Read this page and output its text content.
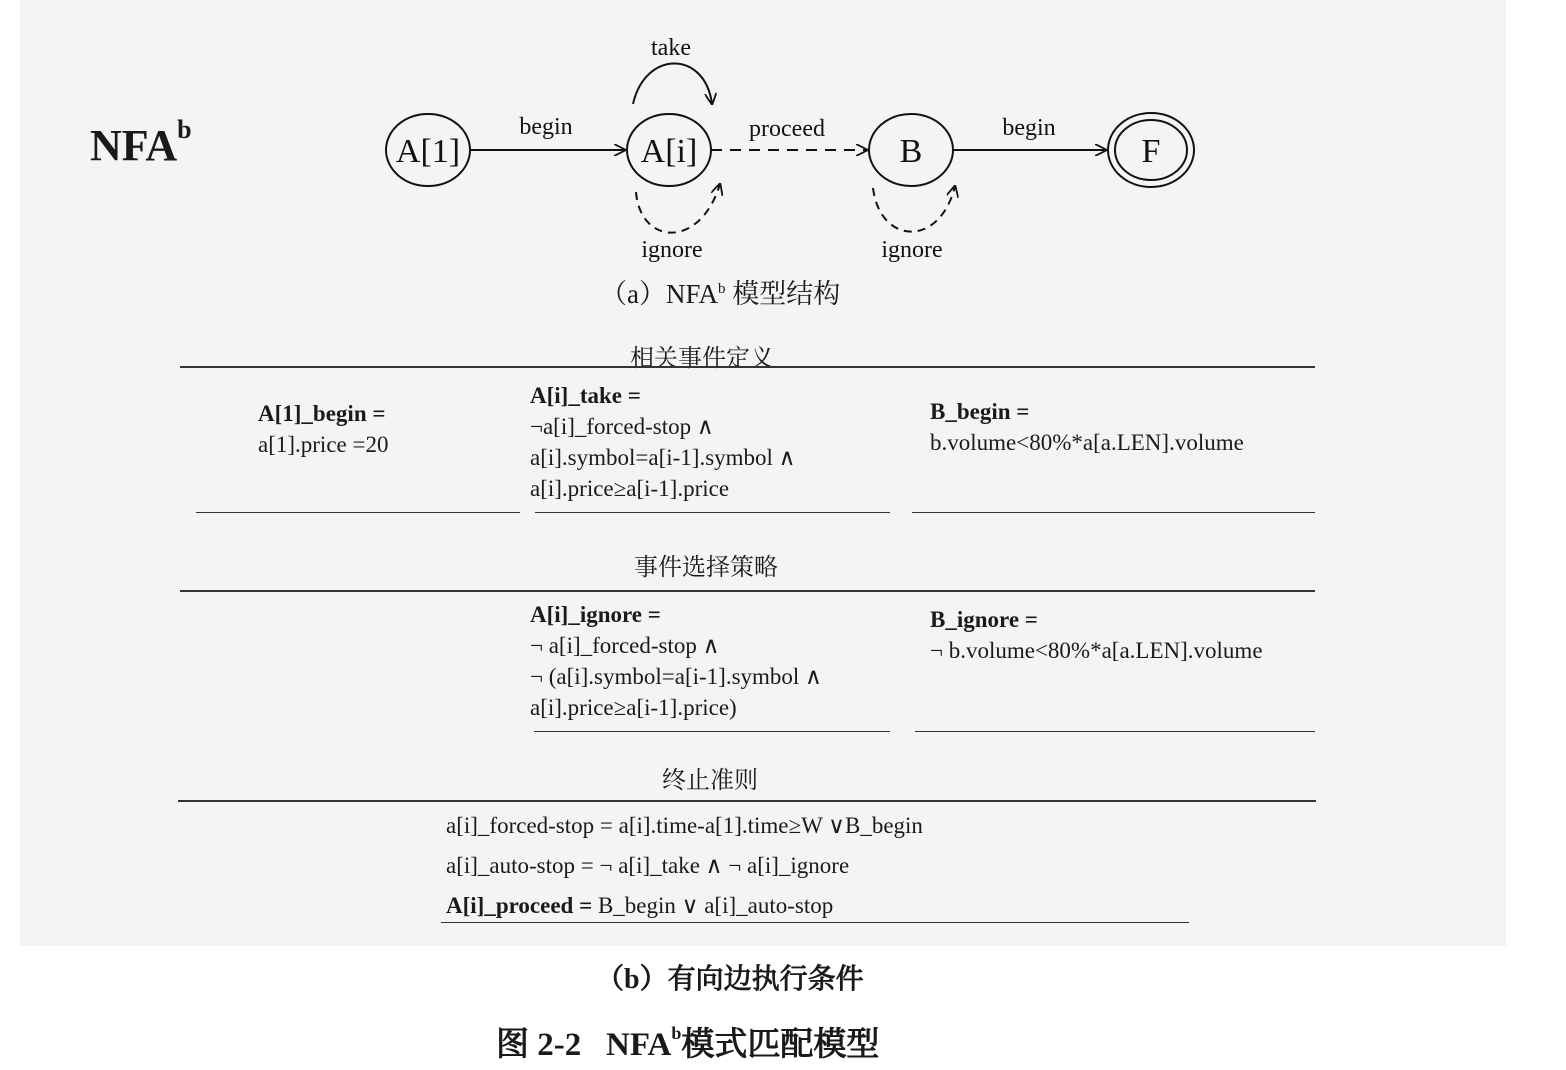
NFA$^b$
A[1]	A[i]	B	F
begin
take
ignore
proceed
ignore
begin
（a）NFA$^b$ 模型结构
相关事件定义
A[1]_begin =
a[1].price =20
A[i]_take =
¬a[i]_forced-stop ∧
a[i].symbol=a[i-1].symbol ∧
a[i].price≥a[i-1].price
B_begin =
b.volume<80%*a[a.LEN].volume
事件选择策略
A[i]_ignore =
¬ a[i]_forced-stop ∧
¬ (a[i].symbol=a[i-1].symbol ∧
a[i].price≥a[i-1].price)
B_ignore =
¬ b.volume<80%*a[a.LEN].volume
终止准则
a[i]_forced-stop = a[i].time-a[1].time≥W ∨B_begin
a[i]_auto-stop = ¬ a[i]_take ∧ ¬ a[i]_ignore
A[i]_proceed = B_begin ∨ a[i]_auto-stop
（b）有向边执行条件
图 2-2   NFA$^b$模式匹配模型
